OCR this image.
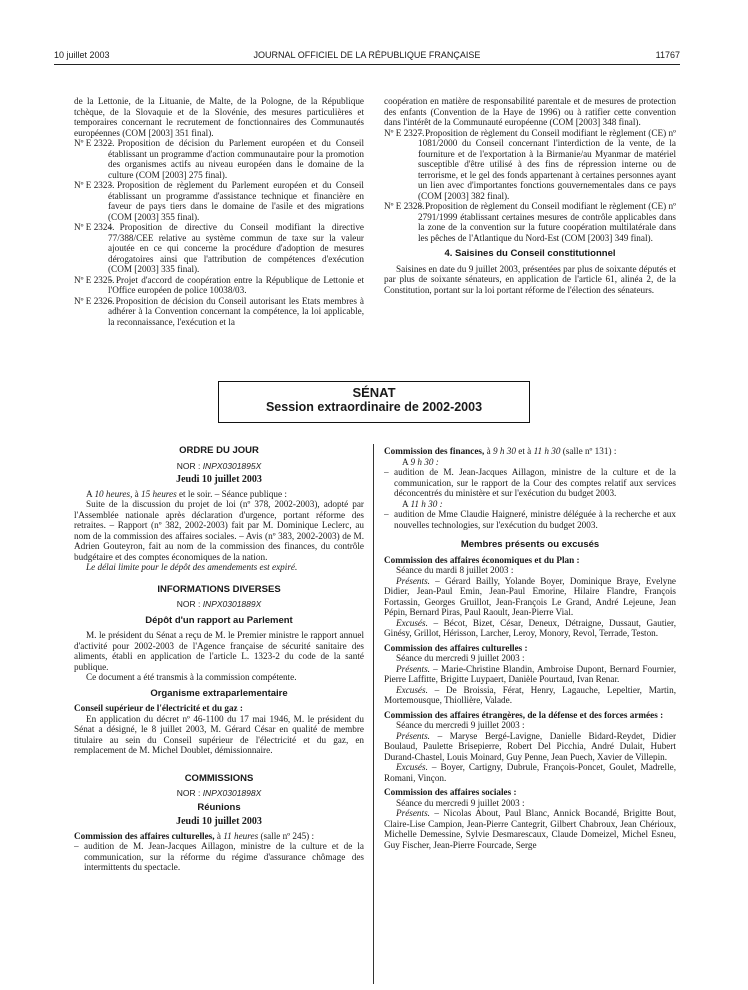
10 juillet 2003	JOURNAL OFFICIEL DE LA RÉPUBLIQUE FRANÇAISE	11767

de la Lettonie, de la Lituanie, de Malte, de la Pologne, de la République tchèque, de la Slovaquie et de la Slovénie, des mesures particulières et temporaires concernant le recrutement de fonctionnaires des Communautés européennes (COM [2003] 351 final).

Nº E 2322.
– Proposition de décision du Parlement européen et du Conseil établissant un programme d'action communautaire pour la promotion des organismes actifs au niveau européen dans le domaine de la culture (COM [2003] 275 final).
Nº E 2323.
– Proposition de règlement du Parlement européen et du Conseil établissant un programme d'assistance technique et financière en faveur de pays tiers dans le domaine de l'asile et des migrations (COM [2003] 355 final).
Nº E 2324.
– Proposition de directive du Conseil modifiant la directive 77/388/CEE relative au système commun de taxe sur la valeur ajoutée en ce qui concerne la procédure d'adoption de mesures dérogatoires ainsi que l'attribution de compétences d'exécution (COM [2003] 335 final).
Nº E 2325.
– Projet d'accord de coopération entre la République de Lettonie et l'Office européen de police 10038/03.
Nº E 2326.
– Proposition de décision du Conseil autorisant les Etats membres à adhérer à la Convention concernant la compétence, la loi applicable, la reconnaissance, l'exécution et la

coopération en matière de responsabilité parentale et de mesures de protection des enfants (Convention de la Haye de 1996) ou à ratifier cette convention dans l'intérêt de la Communauté européenne (COM [2003] 348 final).

Nº E 2327.
– Proposition de règlement du Conseil modifiant le règlement (CE) nº 1081/2000 du Conseil concernant l'interdiction de la vente, de la fourniture et de l'exportation à la Birmanie/au Myanmar de matériel susceptible d'être utilisé à des fins de répression interne ou de terrorisme, et le gel des fonds appartenant à certaines personnes ayant un lien avec d'importantes fonctions gouvernementales dans ce pays (COM [2003] 382 final).
Nº E 2328.
– Proposition de règlement du Conseil modifiant le règlement (CE) nº 2791/1999 établissant certaines mesures de contrôle applicables dans la zone de la convention sur la future coopération multilatérale dans les pêches de l'Atlantique du Nord-Est (COM [2003] 349 final).
4. Saisines du Conseil constitutionnel

Saisines en date du 9 juillet 2003, présentées par plus de soixante députés et par plus de soixante sénateurs, en application de l'article 61, alinéa 2, de la Constitution, portant sur la loi portant réforme de l'élection des sénateurs.

SÉNAT
Session extraordinaire de 2002-2003
ORDRE DU JOUR
NOR : INPX0301895X
Jeudi 10 juillet 2003

A 10 heures, à 15 heures et le soir. – Séance publique :

Suite de la discussion du projet de loi (nº 378, 2002-2003), adopté par l'Assemblée nationale après déclaration d'urgence, portant réforme des retraites. – Rapport (nº 382, 2002-2003) fait par M. Dominique Leclerc, au nom de la commission des affaires sociales. – Avis (nº 383, 2002-2003) de M. Adrien Gouteyron, fait au nom de la commission des finances, du contrôle budgétaire et des comptes économiques de la nation.

Le délai limite pour le dépôt des amendements est expiré.

INFORMATIONS DIVERSES
NOR : INPX0301889X
Dépôt d'un rapport au Parlement

M. le président du Sénat a reçu de M. le Premier ministre le rapport annuel d'activité pour 2002-2003 de l'Agence française de sécurité sanitaire des aliments, établi en application de l'article L. 1323-2 du code de la santé publique.

Ce document a été transmis à la commission compétente.

Organisme extraparlementaire

Conseil supérieur de l'électricité et du gaz :

En application du décret nº 46-1100 du 17 mai 1946, M. le président du Sénat a désigné, le 8 juillet 2003, M. Gérard César en qualité de membre titulaire au sein du Conseil supérieur de l'électricité et du gaz, en remplacement de M. Michel Doublet, démissionnaire.

COMMISSIONS
NOR : INPX0301898X
Réunions
Jeudi 10 juillet 2003

Commission des affaires culturelles, à 11 heures (salle nº 245) :

– audition de M. Jean-Jacques Aillagon, ministre de la culture et de la communication, sur la réforme du régime d'assurance chômage des intermittents du spectacle.

Commission des finances, à 9 h 30 et à 11 h 30 (salle nº 131) :

A 9 h 30 :

– audition de M. Jean-Jacques Aillagon, ministre de la culture et de la communication, sur le rapport de la Cour des comptes relatif aux services déconcentrés du ministère et sur l'exécution du budget 2003.

A 11 h 30 :

– audition de Mme Claudie Haigneré, ministre déléguée à la recherche et aux nouvelles technologies, sur l'exécution du budget 2003.
Membres présents ou excusés

Commission des affaires économiques et du Plan :

Séance du mardi 8 juillet 2003 :

Présents. – Gérard Bailly, Yolande Boyer, Dominique Braye, Evelyne Didier, Jean-Paul Emin, Jean-Paul Emorine, Hilaire Flandre, François Fortassin, Georges Gruillot, Jean-François Le Grand, André Lejeune, Jean Pépin, Bernard Piras, Paul Raoult, Jean-Pierre Vial.

Excusés. – Bécot, Bizet, César, Deneux, Détraigne, Dussaut, Gautier, Ginésy, Grillot, Hérisson, Larcher, Leroy, Monory, Revol, Terrade, Teston.

Commission des affaires culturelles :

Séance du mercredi 9 juillet 2003 :

Présents. – Marie-Christine Blandin, Ambroise Dupont, Bernard Fournier, Pierre Laffitte, Brigitte Luypaert, Danièle Pourtaud, Ivan Renar.

Excusés. – De Broissia, Férat, Henry, Lagauche, Lepeltier, Martin, Mortemousque, Thiollière, Valade.

Commission des affaires étrangères, de la défense et des forces armées :

Séance du mercredi 9 juillet 2003 :

Présents. – Maryse Bergé-Lavigne, Danielle Bidard-Reydet, Didier Boulaud, Paulette Brisepierre, Robert Del Picchia, André Dulait, Hubert Durand-Chastel, Louis Moinard, Guy Penne, Jean Puech, Xavier de Villepin.

Excusés. – Boyer, Cartigny, Dubrule, François-Poncet, Goulet, Madrelle, Romani, Vinçon.

Commission des affaires sociales :

Séance du mercredi 9 juillet 2003 :

Présents. – Nicolas About, Paul Blanc, Annick Bocandé, Brigitte Bout, Claire-Lise Campion, Jean-Pierre Cantegrit, Gilbert Chabroux, Jean Chérioux, Michelle Demessine, Sylvie Desmarescaux, Claude Domeizel, Michel Esneu, Guy Fischer, Jean-Pierre Fourcade, Serge
